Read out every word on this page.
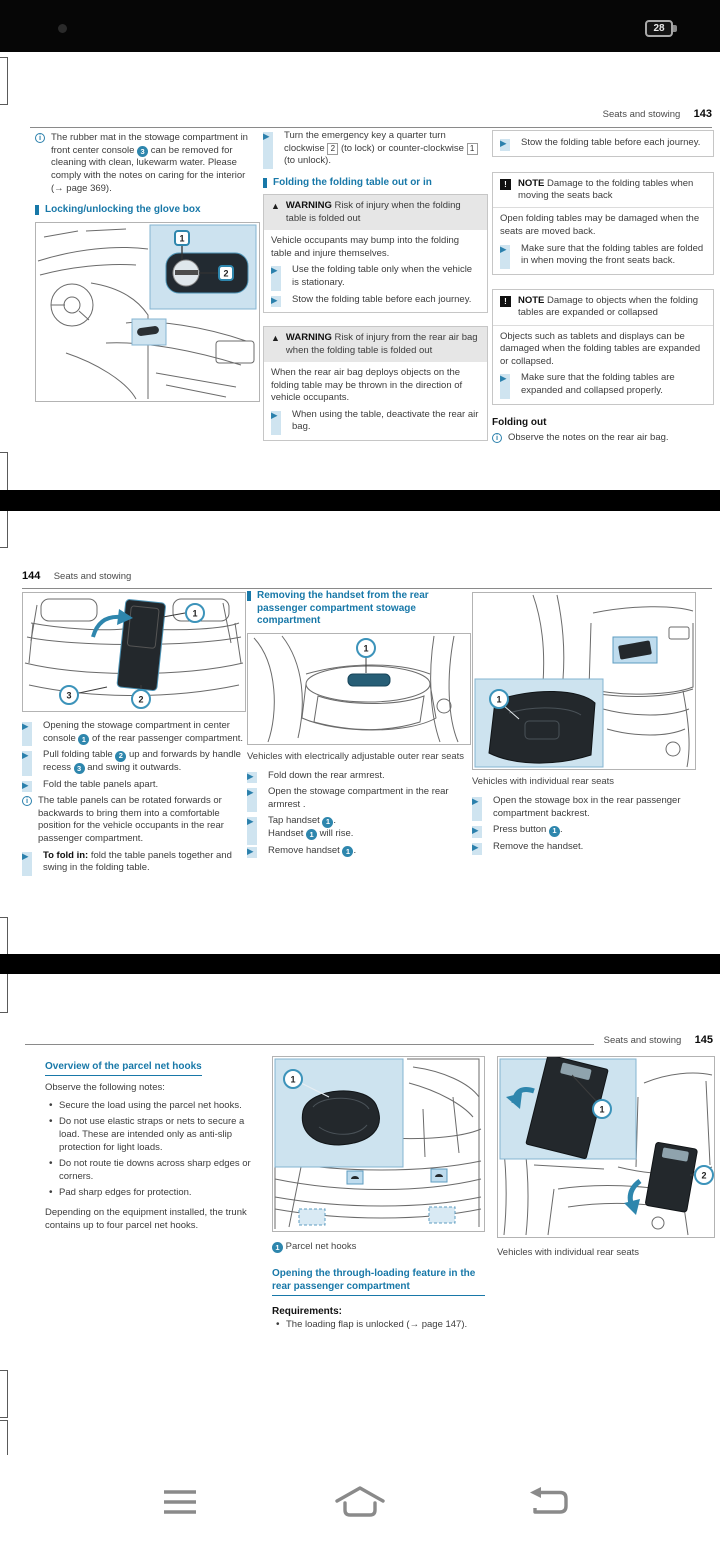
28
Seats and stowing 143
i
The rubber mat in the stowage compartment in front center console 3 can be removed for cleaning with clean, lukewarm water. Please comply with the notes on caring for the interior (→ page 369).
Locking/unlocking the glove box
1
2
▶
Turn the emergency key a quarter turn clockwise 2 (to lock) or counter-clockwise 1 (to unlock).
Folding the folding table out or in
▲
WARNING Risk of injury when the folding table is folded out
Vehicle occupants may bump into the folding table and injure themselves.
▶
Use the folding table only when the vehicle is stationary.
▶
Stow the folding table before each journey.
▲
WARNING Risk of injury from the rear air bag when the folding table is folded out
When the rear air bag deploys objects on the folding table may be thrown in the direction of vehicle occupants.
▶
When using the table, deactivate the rear air bag.
▶
Stow the folding table before each journey.
!
NOTE Damage to the folding tables when moving the seats back
Open folding tables may be damaged when the seats are moved back.
▶
Make sure that the folding tables are folded in when moving the front seats back.
!
NOTE Damage to objects when the folding tables are expanded or collapsed
Objects such as tablets and displays can be damaged when the folding tables are expanded or collapsed.
▶
Make sure that the folding tables are expanded and collapsed properly.
Folding out
i
Observe the notes on the rear air bag.
144 Seats and stowing
1
2
3
▶
Opening the stowage compartment in center console 1 of the rear passenger compartment.
▶
Pull folding table 2 up and forwards by handle recess 3 and swing it outwards.
▶
Fold the table panels apart.
i
The table panels can be rotated forwards or backwards to bring them into a comfortable position for the vehicle occupants in the rear passenger compartment.
▶
To fold in: fold the table panels together and swing in the folding table.
Removing the handset from the rear passenger compartment stowage compartment
1
Vehicles with electrically adjustable outer rear seats
▶
Fold down the rear armrest.
▶
Open the stowage compartment in the rear armrest .
▶
Tap handset 1 .
Handset 1 will rise.
▶
Remove handset 1 .
1
Vehicles with individual rear seats
▶
Open the stowage box in the rear passenger compartment backrest.
▶
Press button 1 .
▶
Remove the handset.
Seats and stowing 145
Overview of the parcel net hooks
Observe the following notes:
• Secure the load using the parcel net hooks.
• Do not use elastic straps or nets to secure a load. These are intended only as anti-slip protection for light loads.
• Do not route tie downs across sharp edges or corners.
• Pad sharp edges for protection.
Depending on the equipment installed, the trunk contains up to four parcel net hooks.
1
1 Parcel net hooks
Opening the through-loading feature in the rear passenger compartment
Requirements:
• The loading flap is unlocked (→ page 147).
2
1
Vehicles with individual rear seats
